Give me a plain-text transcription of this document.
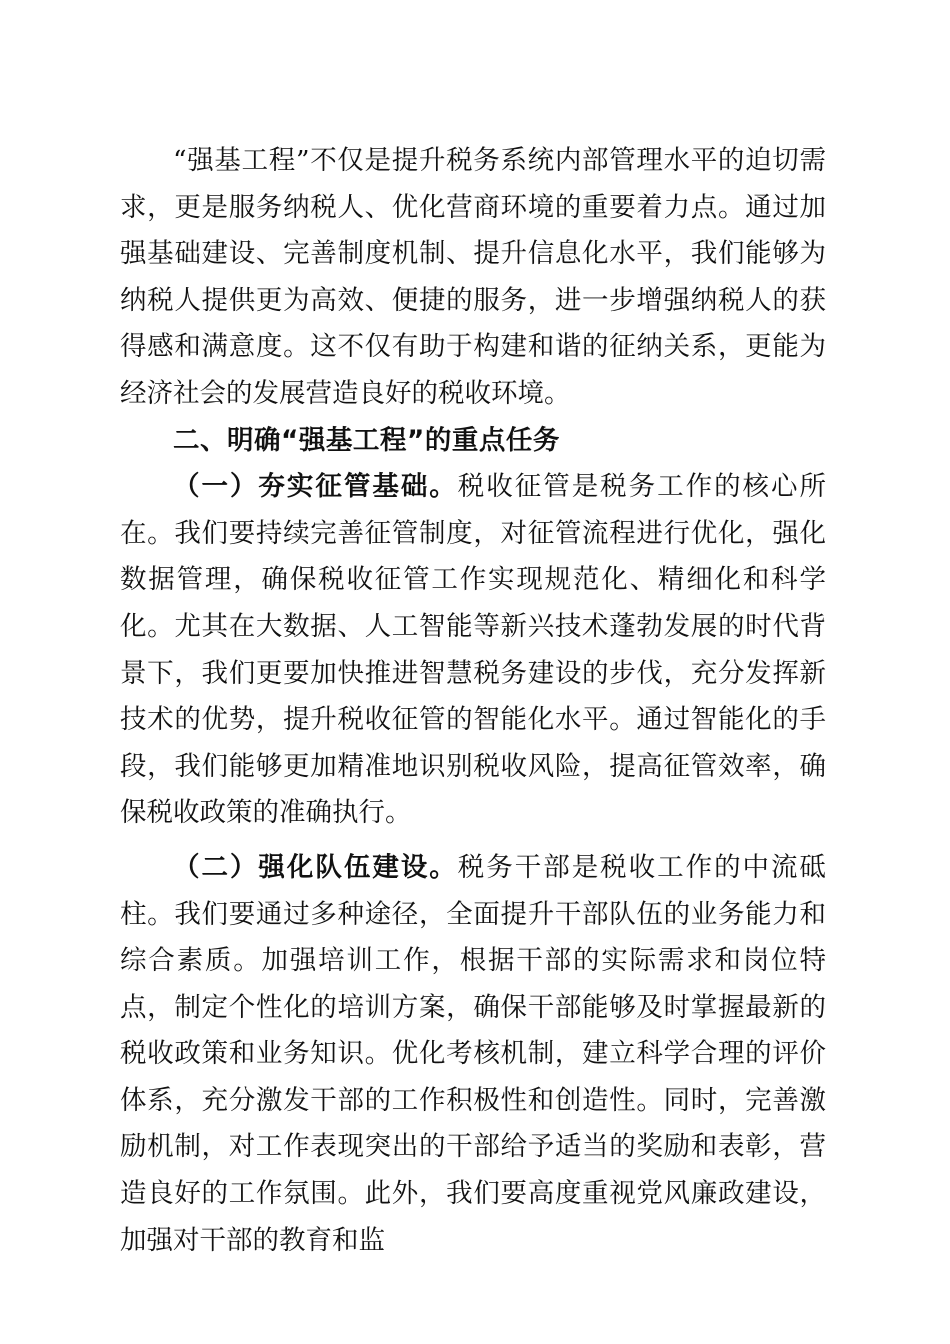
“强基工程”不仅是提升税务系统内部管理水平的迫切需求，更是服务纳税人、优化营商环境的重要着力点。通过加强基础建设、完善制度机制、提升信息化水平，我们能够为纳税人提供更为高效、便捷的服务，进一步增强纳税人的获得感和满意度。这不仅有助于构建和谐的征纳关系，更能为经济社会的发展营造良好的税收环境。

二、明确“强基工程”的重点任务

（一）夯实征管基础。税收征管是税务工作的核心所在。我们要持续完善征管制度，对征管流程进行优化，强化数据管理，确保税收征管工作实现规范化、精细化和科学化。尤其在大数据、人工智能等新兴技术蓬勃发展的时代背景下，我们更要加快推进智慧税务建设的步伐，充分发挥新技术的优势，提升税收征管的智能化水平。通过智能化的手段，我们能够更加精准地识别税收风险，提高征管效率，确保税收政策的准确执行。

（二）强化队伍建设。税务干部是税收工作的中流砥柱。我们要通过多种途径，全面提升干部队伍的业务能力和综合素质。加强培训工作，根据干部的实际需求和岗位特点，制定个性化的培训方案，确保干部能够及时掌握最新的税收政策和业务知识。优化考核机制，建立科学合理的评价体系，充分激发干部的工作积极性和创造性。同时，完善激励机制，对工作表现突出的干部给予适当的奖励和表彰，营造良好的工作氛围。此外，我们要高度重视党风廉政建设，加强对干部的教育和监
